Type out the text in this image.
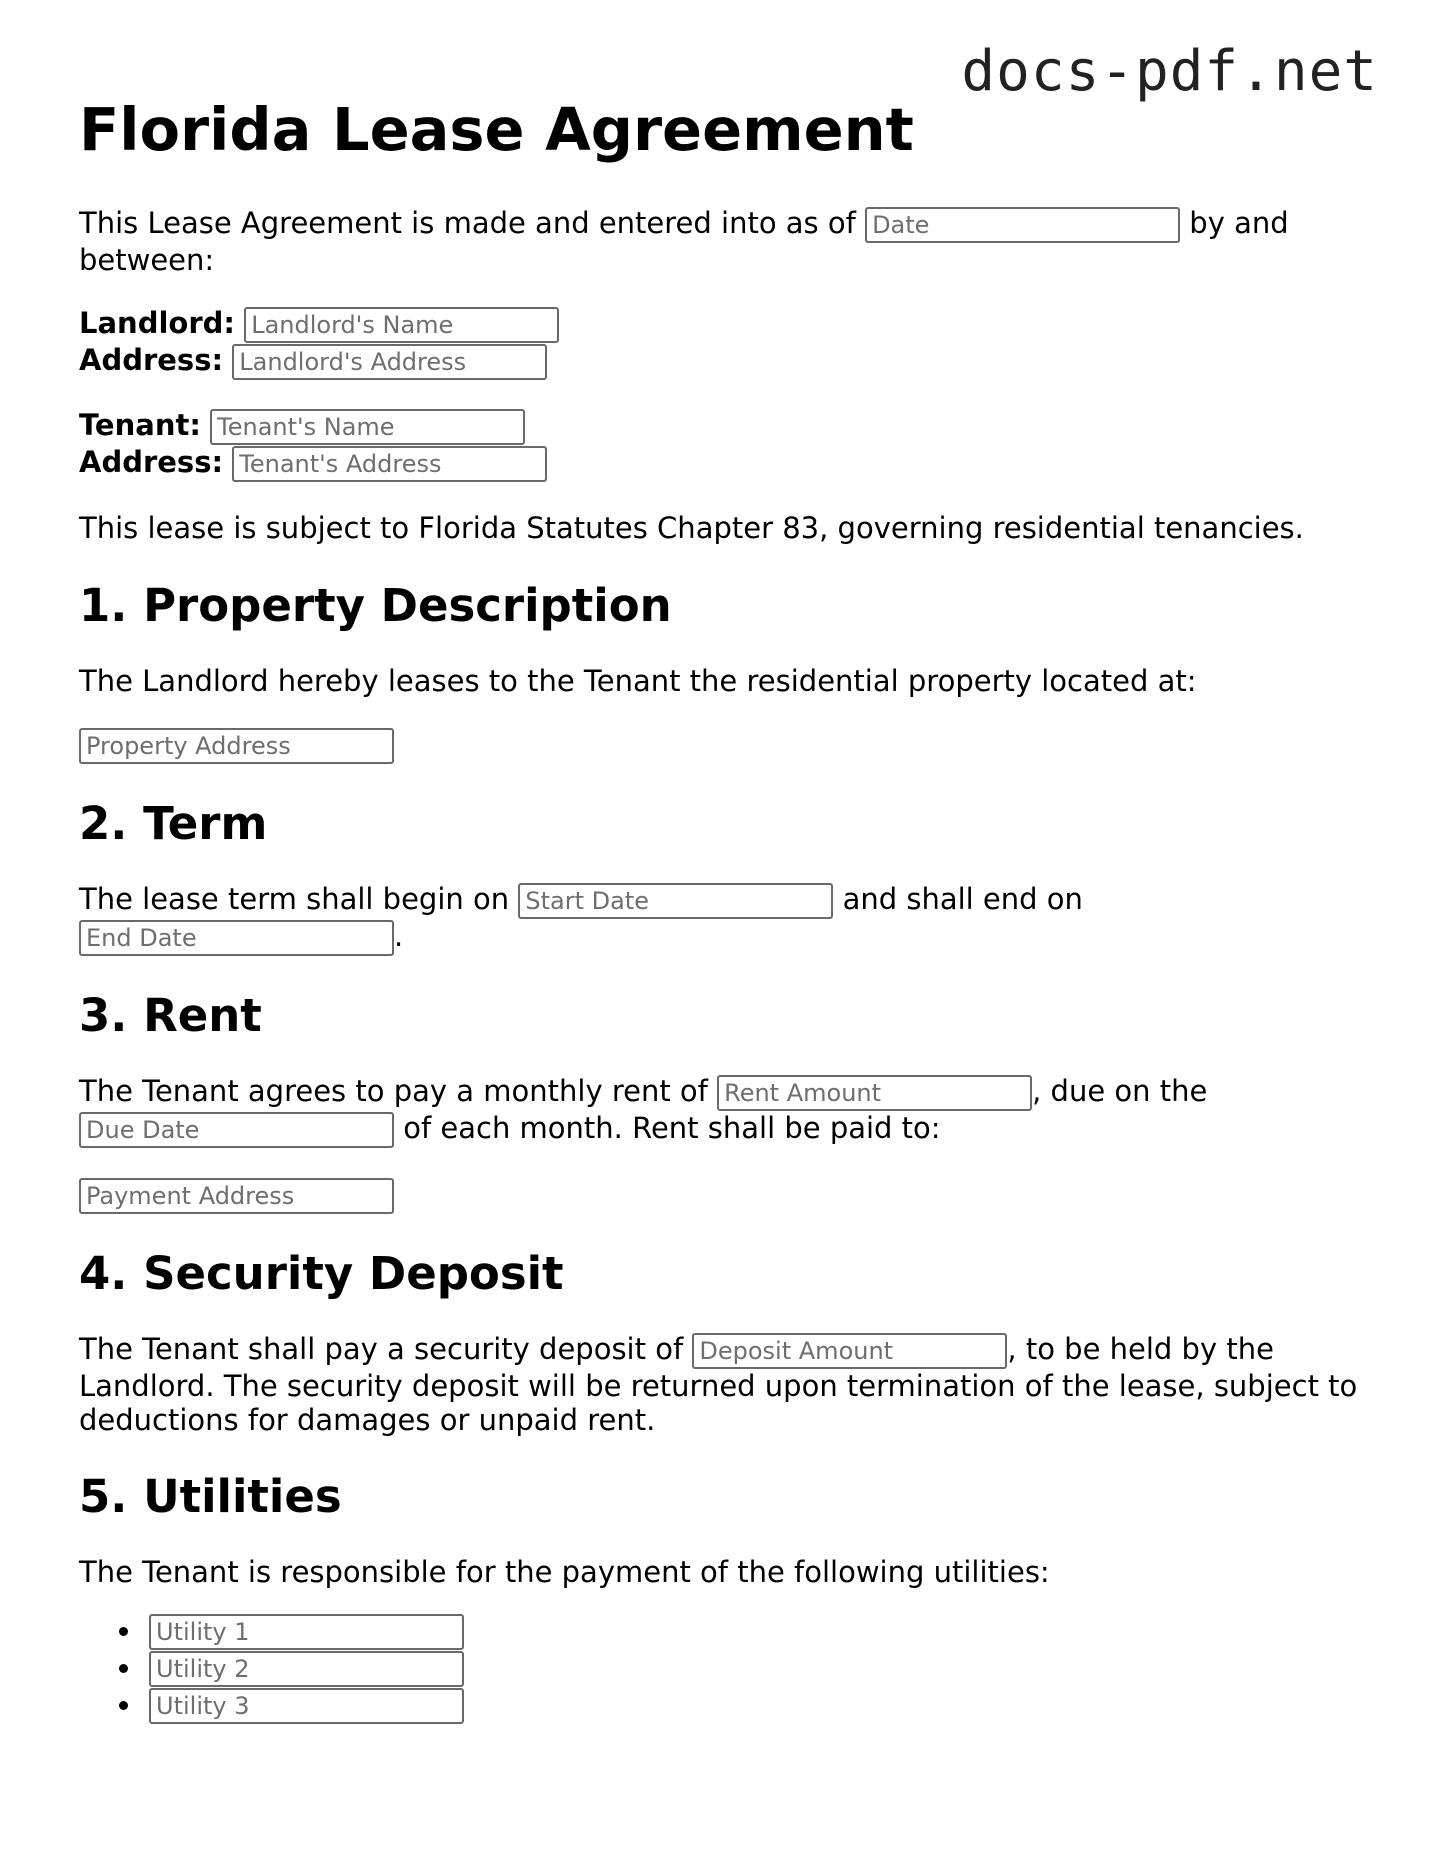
docs-pdf.net
Florida Lease Agreement
This Lease Agreement is made and entered into as of Date	by and
between:
Landlord: Landlord's Name
Address: Landlord's Address
Tenant: Tenant's Name
Address: Tenant's Address
This lease is subject to Florida Statutes Chapter 83, governing residential tenancies.
1. Property Description
The Landlord hereby leases to the Tenant the residential property located at:
Property Address
2. Term
The lease term shall begin on Start Date	and shall end on
End Date.
3. Rent
The Tenant agrees to pay a monthly rent of Rent Amount	, due on the
Due Date of each month. Rent shall be paid to:
Payment Address
4. Security Deposit
The Tenant shall pay a security deposit of Deposit Amount	, to be held by the
Landlord. The security deposit will be returned upon termination of the lease, subject to
deductions for damages or unpaid rent.
5. Utilities
The Tenant is responsible for the payment of the following utilities:
Utility 1
Utility 2
Utility 3
